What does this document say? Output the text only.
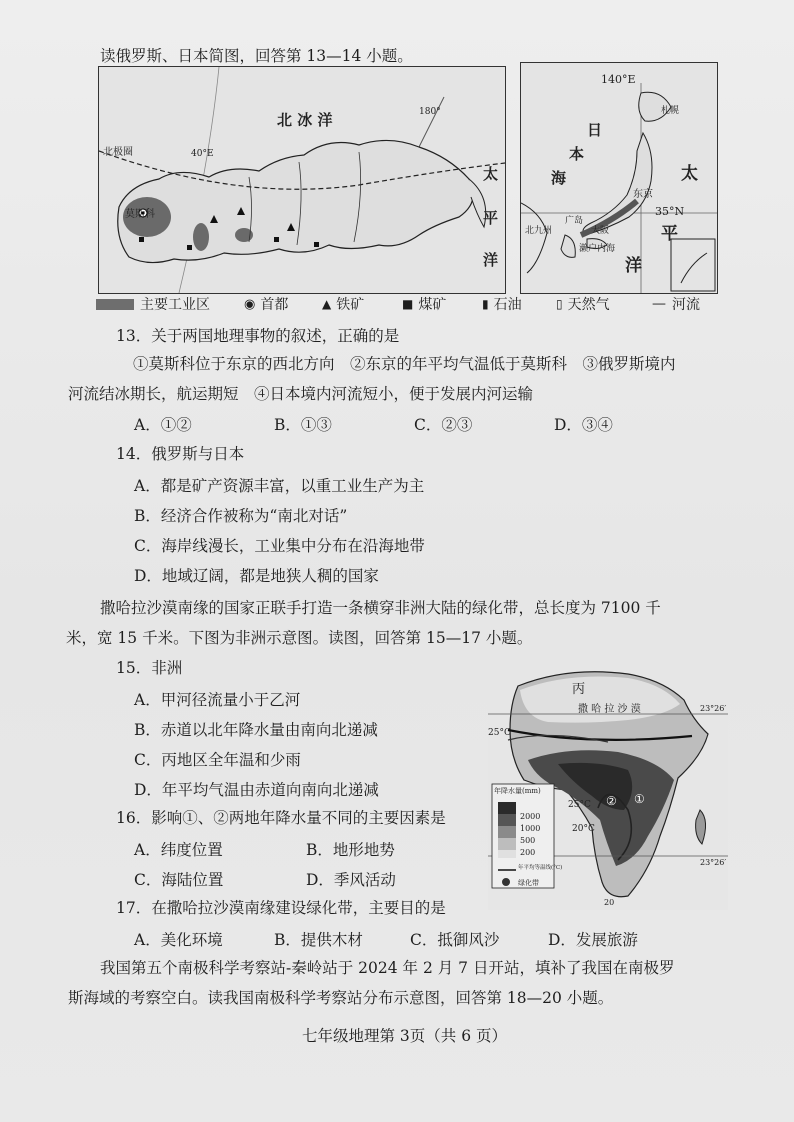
读俄罗斯、日本简图，回答第 13—14 小题。
北 冰 洋
北极圈	40°E
180°
莫斯科
太
平
洋
140°E
日
本
海
35°N
东京
札幌
北九州
广岛
大阪
濑户内海
太
平
洋
主要工业区	◉ 首都	▲ 铁矿	■ 煤矿	▮ 石油	▯ 天然气	— 河流
13．关于两国地理事物的叙述，正确的是
①莫斯科位于东京的西北方向　②东京的年平均气温低于莫斯科　③俄罗斯境内
河流结冰期长，航运期短　④日本境内河流短小，便于发展内河运输
A．①②	B．①③	C．②③	D．③④
14．俄罗斯与日本
A．都是矿产资源丰富，以重工业生产为主
B．经济合作被称为“南北对话”
C．海岸线漫长，工业集中分布在沿海地带
D．地域辽阔，都是地狭人稠的国家
撒哈拉沙漠南缘的国家正联手打造一条横穿非洲大陆的绿化带，总长度为 7100 千
米，宽 15 千米。下图为非洲示意图。读图，回答第 15—17 小题。
15．非洲
A．甲河径流量小于乙河
B．赤道以北年降水量由南向北递减
C．丙地区全年温和少雨
D．年平均气温由赤道向南向北递减
16．影响①、②两地年降水量不同的主要因素是
A．纬度位置	B．地形地势
C．海陆位置	D．季风活动
17．在撒哈拉沙漠南缘建设绿化带，主要目的是
A．美化环境	B．提供木材	C．抵御风沙	D．发展旅游
丙
撒 哈 拉 沙 漠
25°C
25°C
20°C
23°26′
23°26′
20
年降水量(mm)
2000
1000
500
200
年平均等温线(°C)
绿化带
①
②
我国第五个南极科学考察站-秦岭站于 2024 年 2 月 7 日开站，填补了我国在南极罗
斯海域的考察空白。读我国南极科学考察站分布示意图，回答第 18—20 小题。
七年级地理第 3页（共 6 页）
